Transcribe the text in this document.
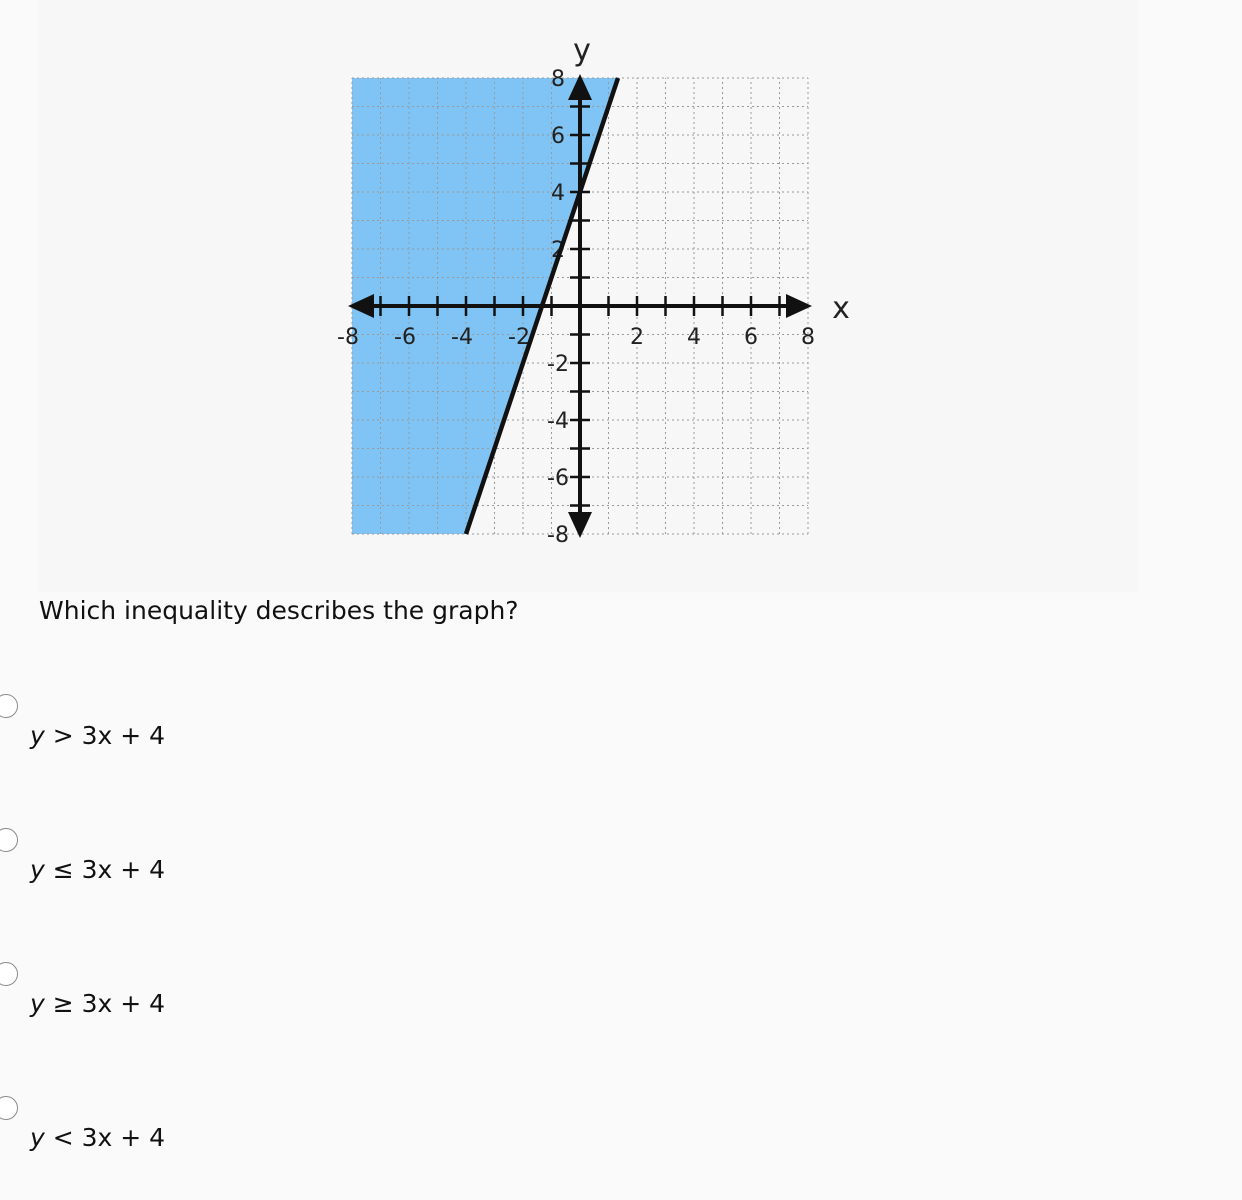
-8 -6 -4 -2	2 4 6 8
8
6
4
2
-2
-4
-6
-8
y
x
Which inequality describes the graph?
y > 3x + 4
y ≤ 3x + 4
y ≥ 3x + 4
y < 3x + 4
